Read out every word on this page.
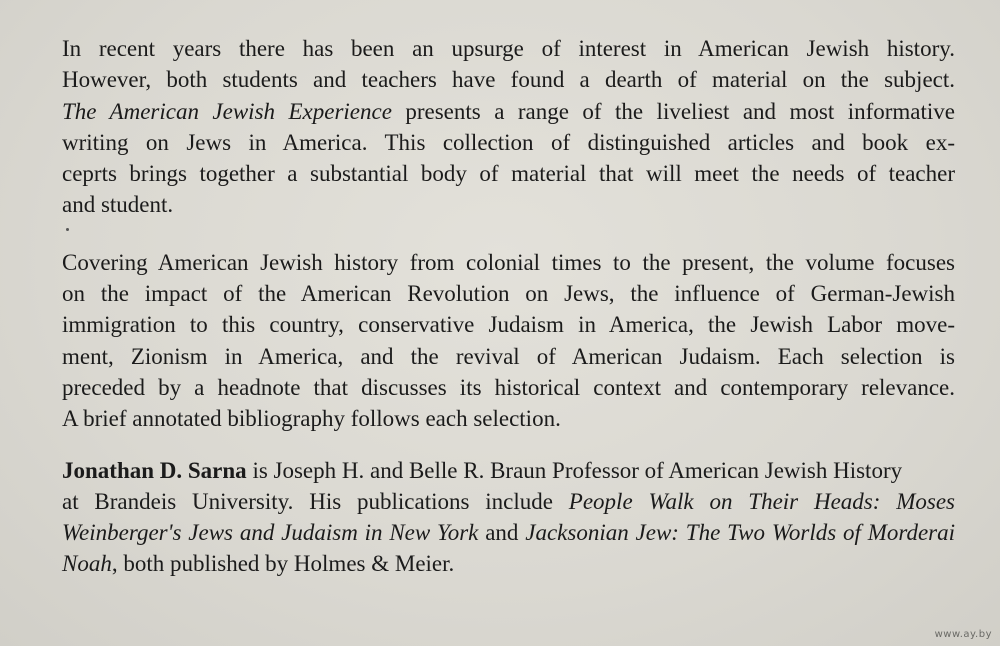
In recent years there has been an upsurge of interest in American Jewish history.
However, both students and teachers have found a dearth of material on the subject.
The American Jewish Experience presents a range of the liveliest and most informative
writing on Jews in America. This collection of distinguished articles and book ex-
ceprts brings together a substantial body of material that will meet the needs of teacher
and student.
Covering American Jewish history from colonial times to the present, the volume focuses
on the impact of the American Revolution on Jews, the influence of German-Jewish
immigration to this country, conservative Judaism in America, the Jewish Labor move-
ment, Zionism in America, and the revival of American Judaism. Each selection is
preceded by a headnote that discusses its historical context and contemporary relevance.
A brief annotated bibliography follows each selection.
Jonathan D. Sarna is Joseph H. and Belle R. Braun Professor of American Jewish History
at Brandeis University. His publications include People Walk on Their Heads: Moses
Weinberger's Jews and Judaism in New York and Jacksonian Jew: The Two Worlds of Morderai
Noah, both published by Holmes & Meier.
www.ay.by
